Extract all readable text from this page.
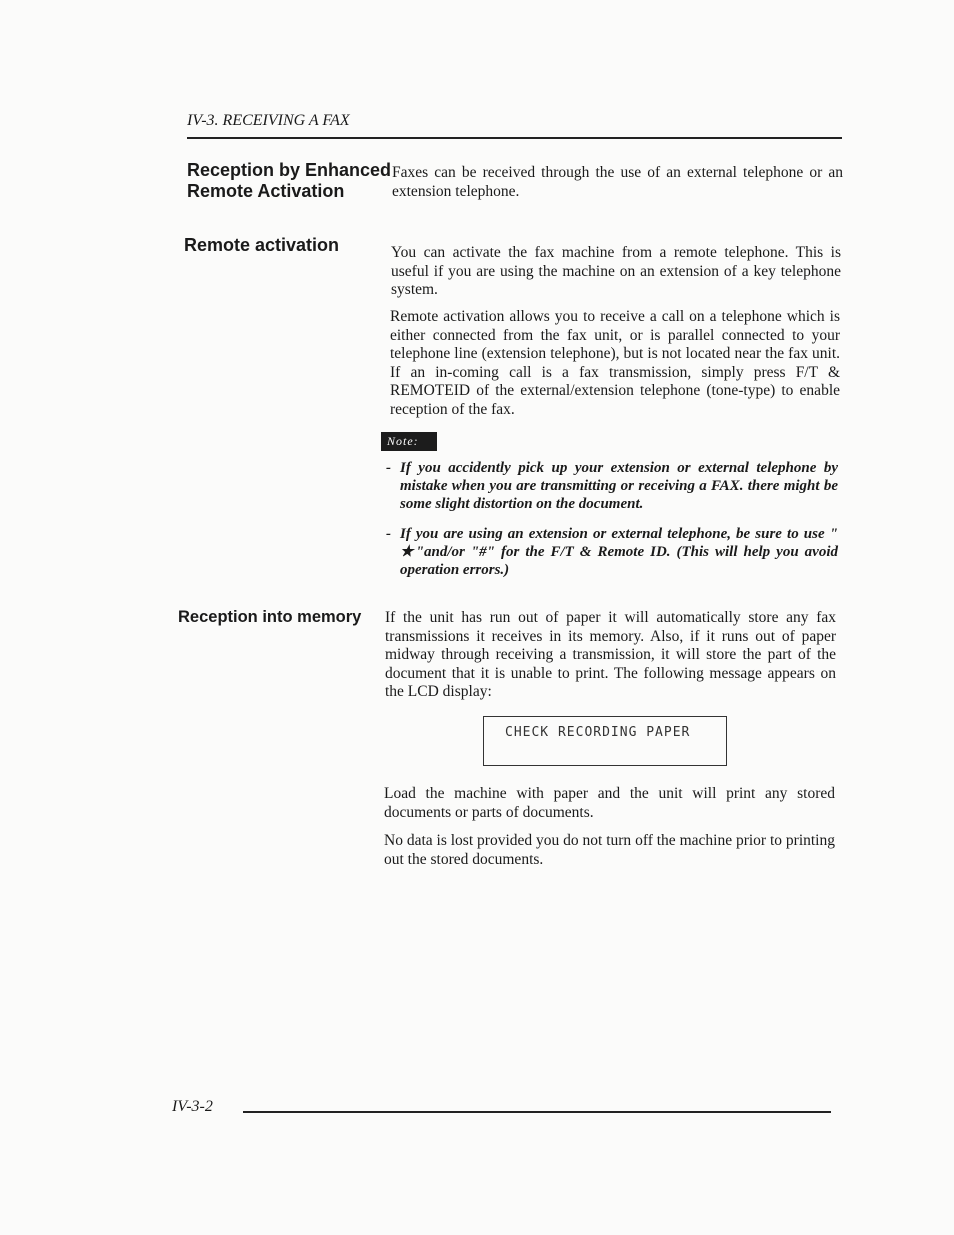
IV-3. RECEIVING A FAX
Reception by Enhanced
Remote Activation

Faxes can be received through the use of an external telephone or an extension telephone.

Remote activation	You can activate the fax machine from a remote telephone. This is useful if you are using the machine on an extension of a key telephone system.

Remote activation allows you to receive a call on a telephone which is either connected from the fax unit, or is parallel connected to your telephone line (extension telephone), but is not located near the fax unit. If an in-coming call is a fax transmission, simply press F/T & REMOTEID of the external/extension telephone (tone-type) to enable reception of the fax.

Note:
- If you accidently pick up your extension or external telephone by mistake when you are transmitting or receiving a FAX. there might be some slight distortion on the document.
- If you are using an extension or external telephone, be sure to use " ★"and/or "#" for the F/T & Remote ID. (This will help you avoid operation errors.)
Reception into memory If the unit has run out of paper it will automatically store any fax transmissions it receives in its memory. Also, if it runs out of paper midway through receiving a transmission, it will store the part of the document that it is unable to print. The following message appears on the LCD display:

CHECK RECORDING PAPER

Load the machine with paper and the unit will print any stored documents or parts of documents.

No data is lost provided you do not turn off the machine prior to printing out the stored documents.

IV-3-2
